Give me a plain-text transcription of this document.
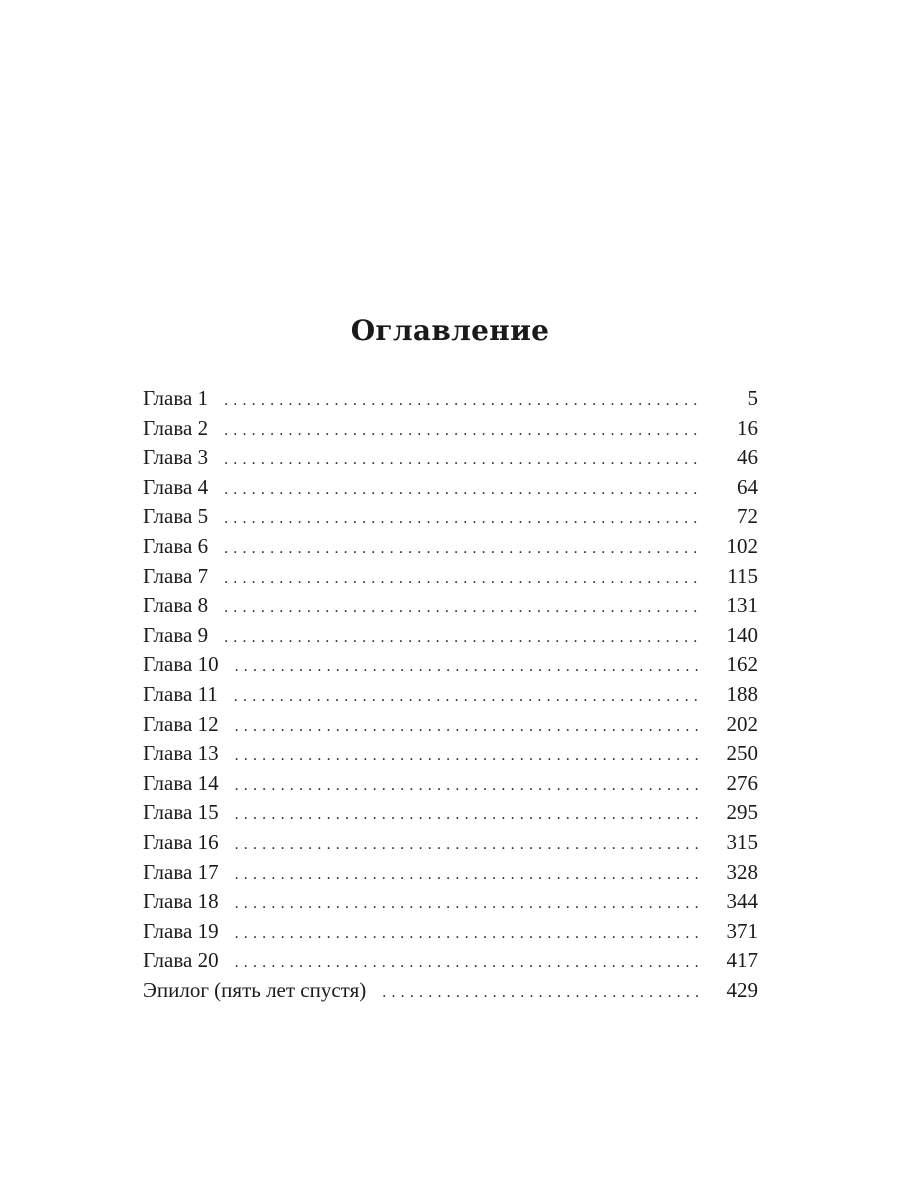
Оглавление
Глава 1 . . .	5
Глава 2 . . .	16
Глава 3 . . .	46
Глава 4 . . .	64
Глава 5 . . .	72
Глава 6 . . .	102
Глава 7 . . .	115
Глава 8 . . .	131
Глава 9 . . .	140
Глава 10 . . .	162
Глава 11 . . .	188
Глава 12 . . .	202
Глава 13 . . .	250
Глава 14 . . .	276
Глава 15 . . .	295
Глава 16 . . .	315
Глава 17 . . .	328
Глава 18 . . .	344
Глава 19 . . .	371
Глава 20 . . .	417
Эпилог (пять лет спустя) . . .	429
